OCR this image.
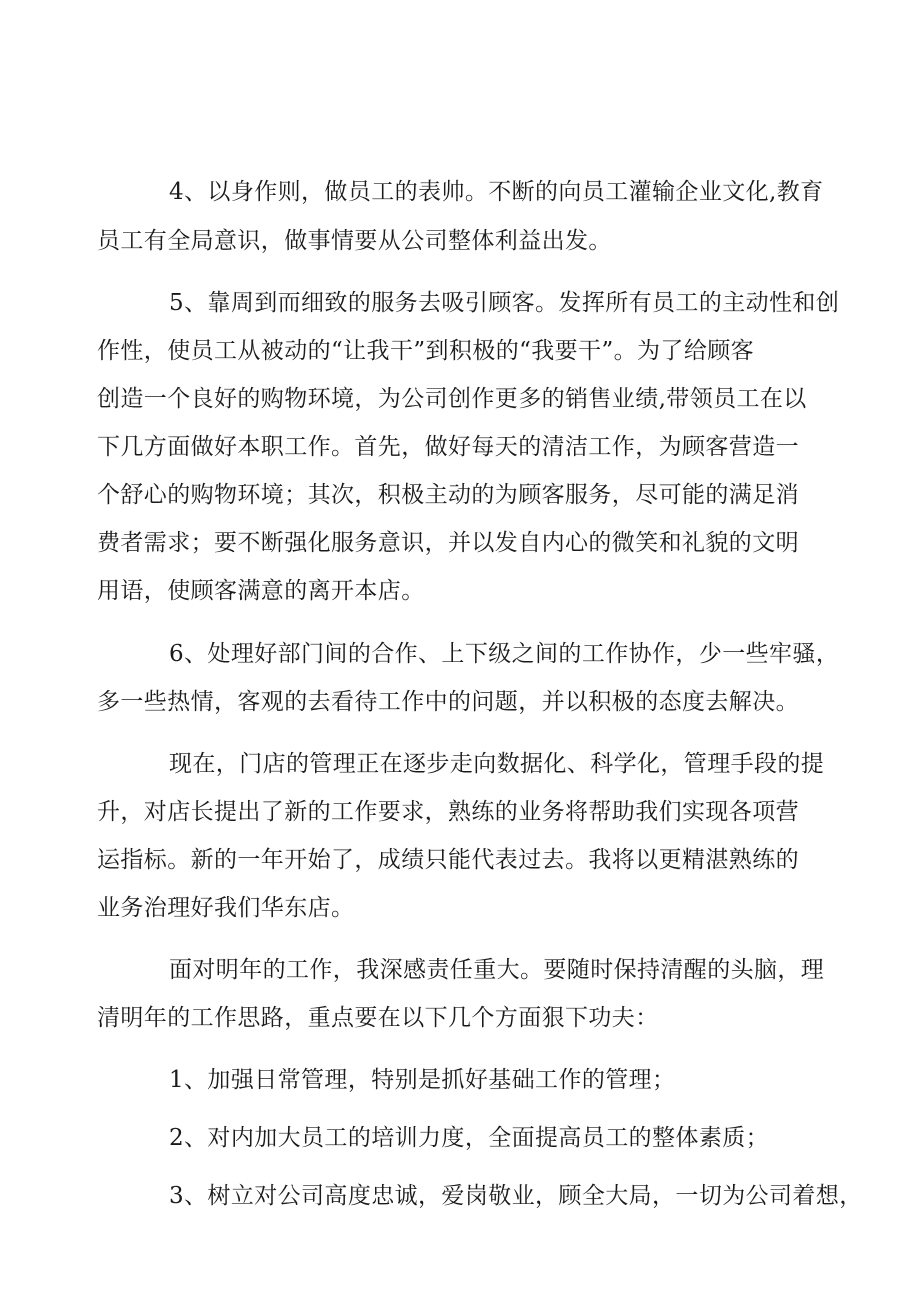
4、以身作则，做员工的表帅。不断的向员工灌输企业文化,教育
员工有全局意识，做事情要从公司整体利益出发。
5、靠周到而细致的服务去吸引顾客。发挥所有员工的主动性和创
作性，使员工从被动的“让我干”到积极的“我要干”。为了给顾客
创造一个良好的购物环境，为公司创作更多的销售业绩,带领员工在以
下几方面做好本职工作。首先，做好每天的清洁工作，为顾客营造一
个舒心的购物环境；其次，积极主动的为顾客服务，尽可能的满足消
费者需求；要不断强化服务意识，并以发自内心的微笑和礼貌的文明
用语，使顾客满意的离开本店。
6、处理好部门间的合作、上下级之间的工作协作，少一些牢骚，
多一些热情，客观的去看待工作中的问题，并以积极的态度去解决。
现在，门店的管理正在逐步走向数据化、科学化，管理手段的提
升，对店长提出了新的工作要求，熟练的业务将帮助我们实现各项营
运指标。新的一年开始了，成绩只能代表过去。我将以更精湛熟练的
业务治理好我们华东店。
面对明年的工作，我深感责任重大。要随时保持清醒的头脑，理
清明年的工作思路，重点要在以下几个方面狠下功夫：
1、加强日常管理，特别是抓好基础工作的管理；
2、对内加大员工的培训力度，全面提高员工的整体素质；
3、树立对公司高度忠诚，爱岗敬业，顾全大局，一切为公司着想，
